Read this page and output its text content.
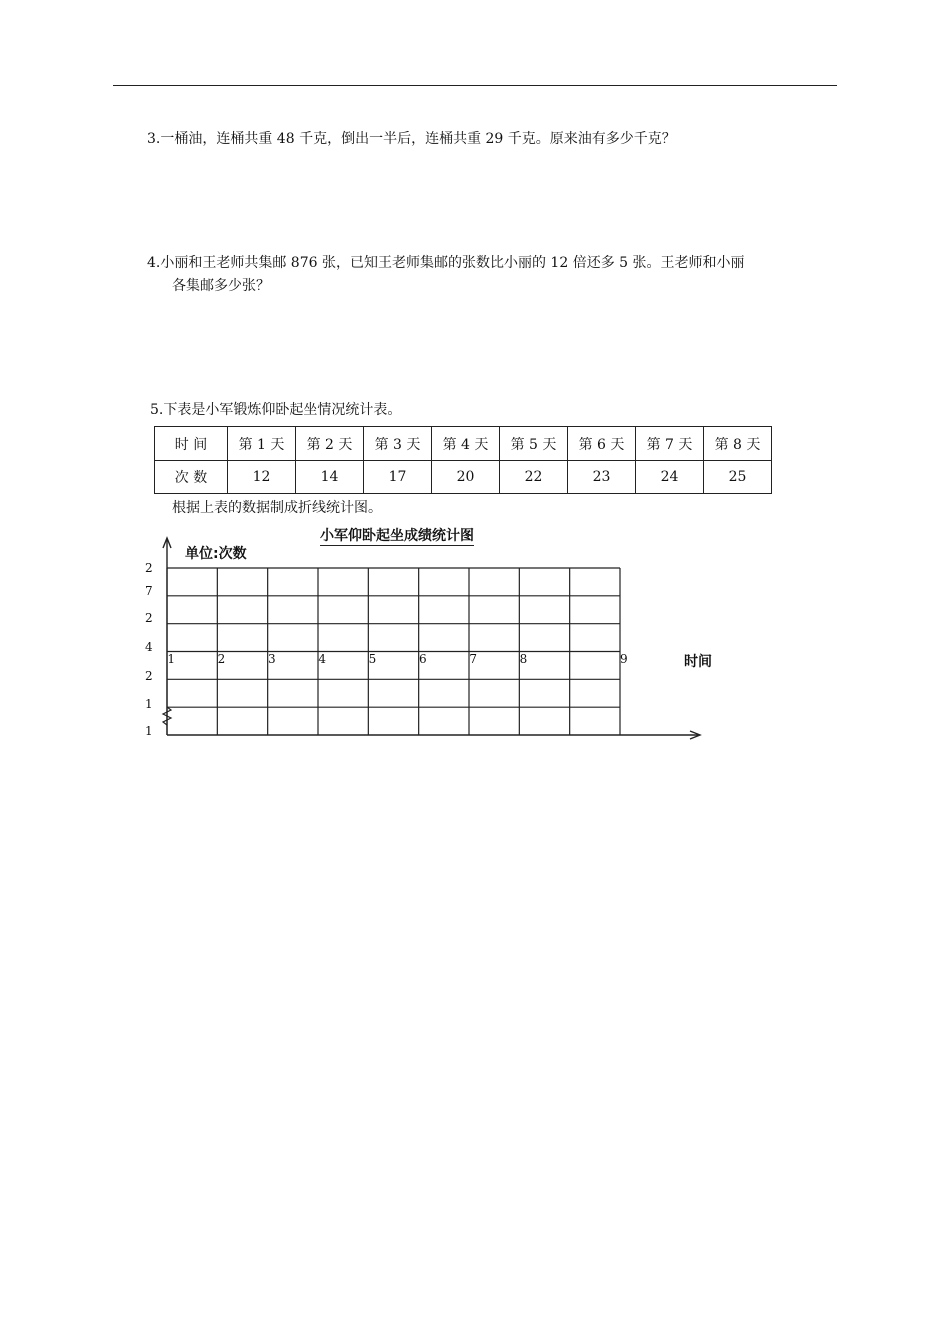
3.一桶油，连桶共重 48 千克，倒出一半后，连桶共重 29 千克。原来油有多少千克？
4.小丽和王老师共集邮 876 张，已知王老师集邮的张数比小丽的 12 倍还多 5 张。王老师和小丽
各集邮多少张？
5.下表是小军锻炼仰卧起坐情况统计表。
时 间	第 1 天	第 2 天	第 3 天	第 4 天	第 5 天	第 6 天	第 7 天	第 8 天
次 数	12	14	17	20	22	23	24	25
根据上表的数据制成折线统计图。
2
7
2
4
2
1
1
1	2	3	4	5	6	7	8	9
小军仰卧起坐成绩统计图
单位:次数
时间
